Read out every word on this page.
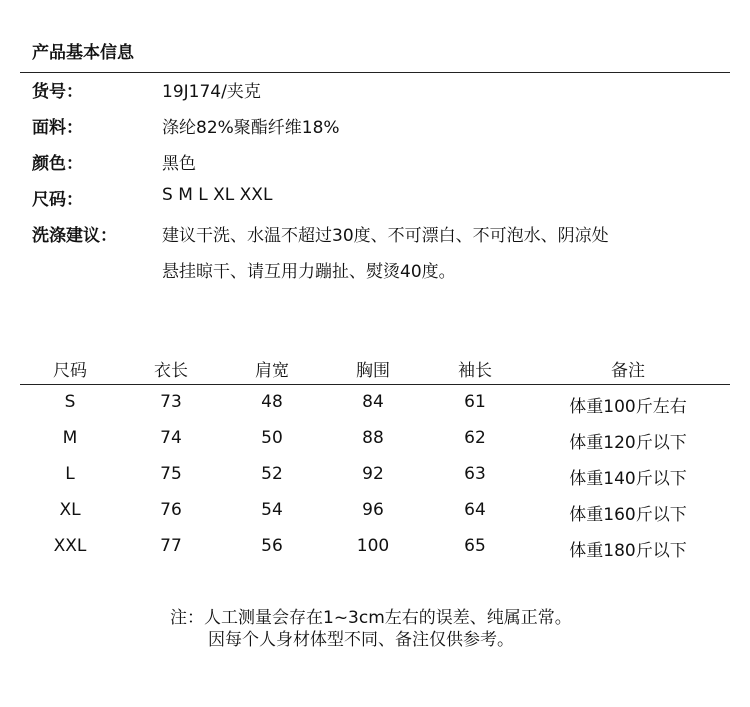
产品基本信息
货号：	19J174/夹克
面料：	涤纶82%聚酯纤维18%
颜色：	黑色
尺码：	S M L XL XXL
洗涤建议：	建议干洗、水温不超过30度、不可漂白、不可泡水、阴凉处
悬挂晾干、请互用力蹦扯、熨烫40度。
尺码	衣长	肩宽	胸围	袖长	备注
S	73	48	84	61	体重100斤左右
M	74	50	88	62	体重120斤以下
L	75	52	92	63	体重140斤以下
XL	76	54	96	64	体重160斤以下
XXL	77	56	100	65	体重180斤以下
注：人工测量会存在1~3cm左右的误差、纯属正常。
因每个人身材体型不同、备注仅供参考。
